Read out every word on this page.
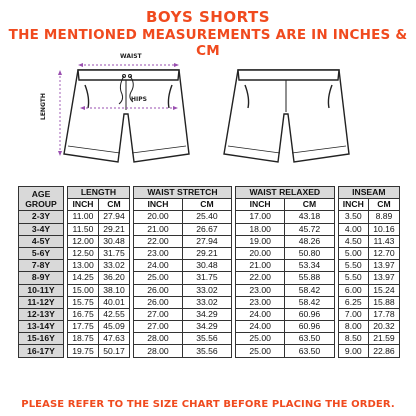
BOYS SHORTS
THE MENTIONED MEASUREMENTS ARE IN INCHES & CM
WAIST
HIPS
LENGTH
AGE GROUP		LENGTH			WAIST STRETCH			WAIST RELAXED			INSEAM	
		INCH	CM		INCH	CM		INCH	CM		INCH	CM
2-3Y		11.00	27.94		20.00	25.40		17.00	43.18		3.50	8.89
3-4Y		11.50	29.21		21.00	26.67		18.00	45.72		4.00	10.16
4-5Y		12.00	30.48		22.00	27.94		19.00	48.26		4.50	11.43
5-6Y		12.50	31.75		23.00	29.21		20.00	50.80		5.00	12.70
7-8Y		13.00	33.02		24.00	30.48		21.00	53.34		5.50	13.97
8-9Y		14.25	36.20		25.00	31.75		22.00	55.88		5.50	13.97
10-11Y		15.00	38.10		26.00	33.02		23.00	58.42		6.00	15.24
11-12Y		15.75	40.01		26.00	33.02		23.00	58.42		6.25	15.88
12-13Y		16.75	42.55		27.00	34.29		24.00	60.96		7.00	17.78
13-14Y		17.75	45.09		27.00	34.29		24.00	60.96		8.00	20.32
15-16Y		18.75	47.63		28.00	35.56		25.00	63.50		8.50	21.59
16-17Y		19.75	50.17		28.00	35.56		25.00	63.50		9.00	22.86
PLEASE REFER TO THE SIZE CHART BEFORE PLACING THE ORDER.
